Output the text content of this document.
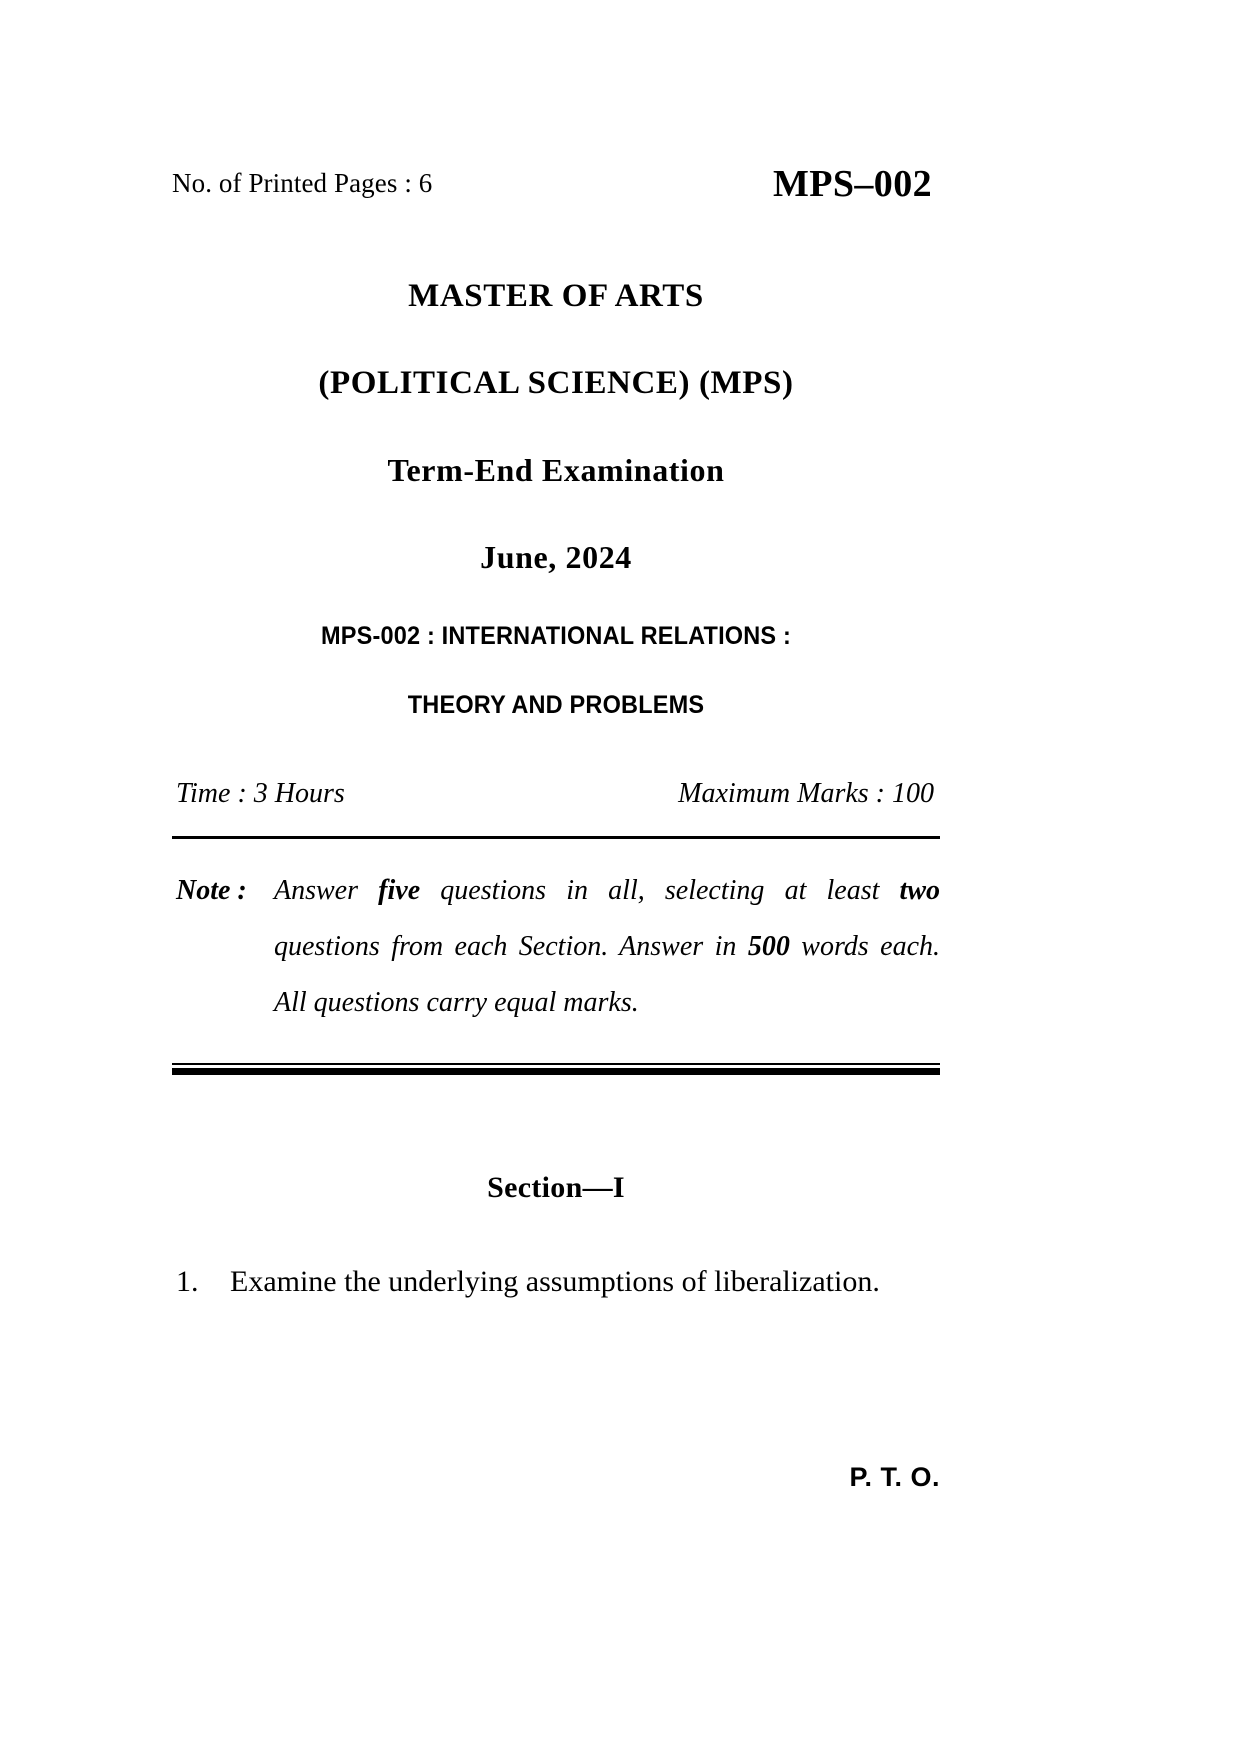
No. of Printed Pages : 6	MPS–002
MASTER OF ARTS
(POLITICAL SCIENCE) (MPS)
Term-End Examination
June, 2024
MPS-002 : INTERNATIONAL RELATIONS :
THEORY AND PROBLEMS
Time : 3 Hours	Maximum Marks : 100
Note : Answer five questions in all, selecting at least two questions from each Section. Answer in 500 words each. All questions carry equal marks.
Section—I
1. Examine the underlying assumptions of liberalization.
P. T. O.
